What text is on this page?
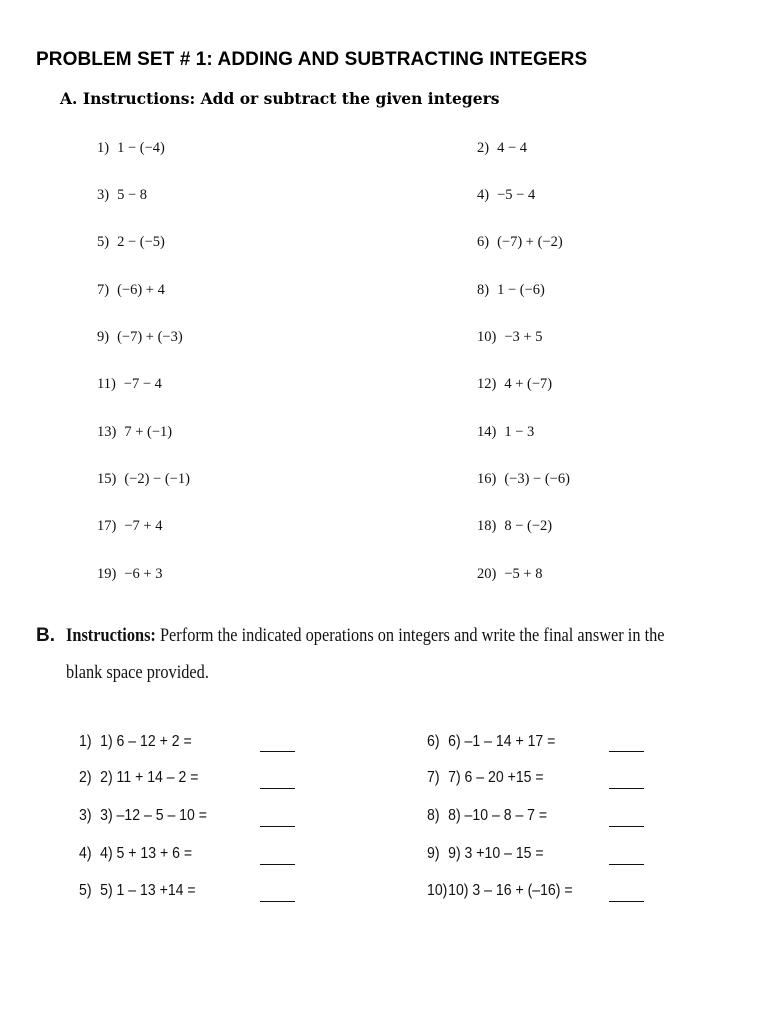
PROBLEM SET # 1: ADDING AND SUBTRACTING INTEGERS
A. Instructions: Add or subtract the given integers
1) 1 − (−4)
3) 5 − 8
5) 2 − (−5)
7) (−6) + 4
9) (−7) + (−3)
11) −7 − 4
13) 7 + (−1)
15) (−2) − (−1)
17) −7 + 4
19) −6 + 3
2) 4 − 4
4) −5 − 4
6) (−7) + (−2)
8) 1 − (−6)
10) −3 + 5
12) 4 + (−7)
14) 1 − 3
16) (−3) − (−6)
18) 8 − (−2)
20) −5 + 8
B. Instructions: Perform the indicated operations on integers and write the final answer in the
blank space provided.
1) 1) 6 – 12 + 2 =
2) 2) 11 + 14 – 2 =
3) 3) –12 – 5 – 10 =
4) 4) 5 + 13 + 6 =
5) 5) 1 – 13 +14 =
6) 6) –1 – 14 + 17 =
7) 7) 6 – 20 +15 =
8) 8) –10 – 8 – 7 =
9) 9) 3 +10 – 15 =
10)10) 3 – 16 + (–16) =
